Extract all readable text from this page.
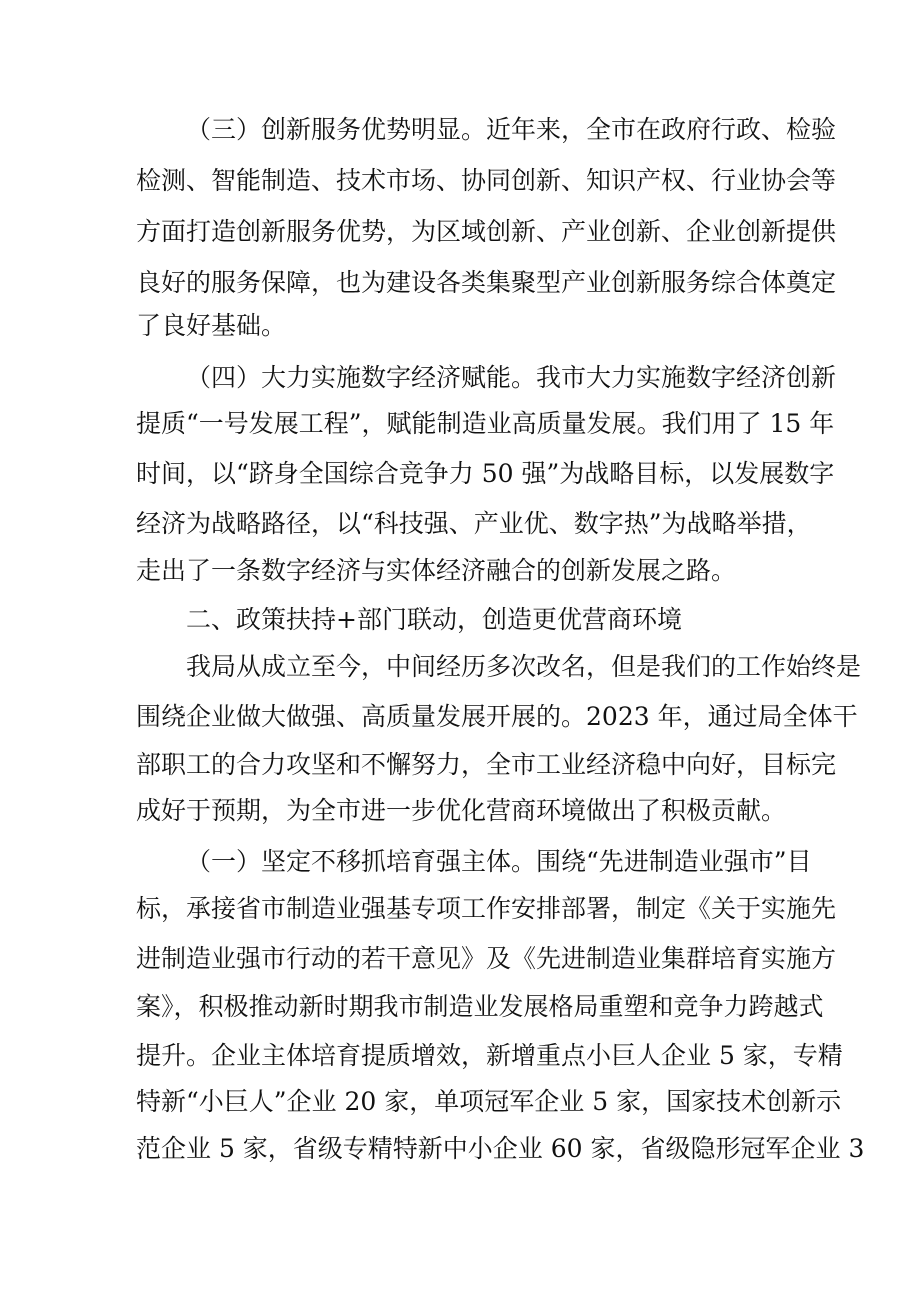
（三）创新服务优势明显。近年来，全市在政府行政、检验
检测、智能制造、技术市场、协同创新、知识产权、行业协会等
方面打造创新服务优势，为区域创新、产业创新、企业创新提供
良好的服务保障，也为建设各类集聚型产业创新服务综合体奠定
了良好基础。
（四）大力实施数字经济赋能。我市大力实施数字经济创新
提质“一号发展工程”，赋能制造业高质量发展。我们用了 15 年
时间，以“跻身全国综合竞争力 50 强”为战略目标，以发展数字
经济为战略路径，以“科技强、产业优、数字热”为战略举措，
走出了一条数字经济与实体经济融合的创新发展之路。
二、政策扶持+部门联动，创造更优营商环境
我局从成立至今，中间经历多次改名，但是我们的工作始终是
围绕企业做大做强、高质量发展开展的。2023 年，通过局全体干
部职工的合力攻坚和不懈努力，全市工业经济稳中向好，目标完
成好于预期，为全市进一步优化营商环境做出了积极贡献。
（一）坚定不移抓培育强主体。围绕“先进制造业强市”目
标，承接省市制造业强基专项工作安排部署，制定《关于实施先
进制造业强市行动的若干意见》及《先进制造业集群培育实施方
案》，积极推动新时期我市制造业发展格局重塑和竞争力跨越式
提升。企业主体培育提质增效，新增重点小巨人企业 5 家，专精
特新“小巨人”企业 20 家，单项冠军企业 5 家，国家技术创新示
范企业 5 家，省级专精特新中小企业 60 家，省级隐形冠军企业 3
